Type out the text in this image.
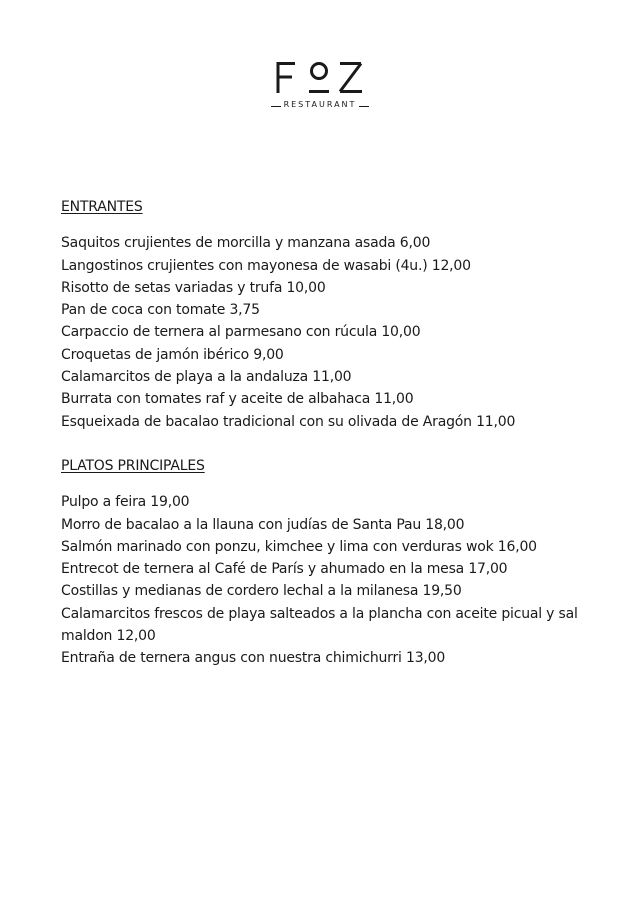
RESTAURANT
ENTRANTES
Saquitos crujientes de morcilla y manzana asada 6,00
Langostinos crujientes con mayonesa de wasabi (4u.) 12,00
Risotto de setas variadas y trufa 10,00
Pan de coca con tomate 3,75
Carpaccio de ternera al parmesano con rúcula 10,00
Croquetas de jamón ibérico 9,00
Calamarcitos de playa a la andaluza 11,00
Burrata con tomates raf y aceite de albahaca 11,00
Esqueixada de bacalao tradicional con su olivada de Aragón 11,00
PLATOS PRINCIPALES
Pulpo a feira 19,00
Morro de bacalao a la llauna con judías de Santa Pau 18,00
Salmón marinado con ponzu, kimchee y lima con verduras wok 16,00
Entrecot de ternera al Café de París y ahumado en la mesa 17,00
Costillas y medianas de cordero lechal a la milanesa 19,50
Calamarcitos frescos de playa salteados a la plancha con aceite picual y sal maldon 12,00
Entraña de ternera angus con nuestra chimichurri 13,00
